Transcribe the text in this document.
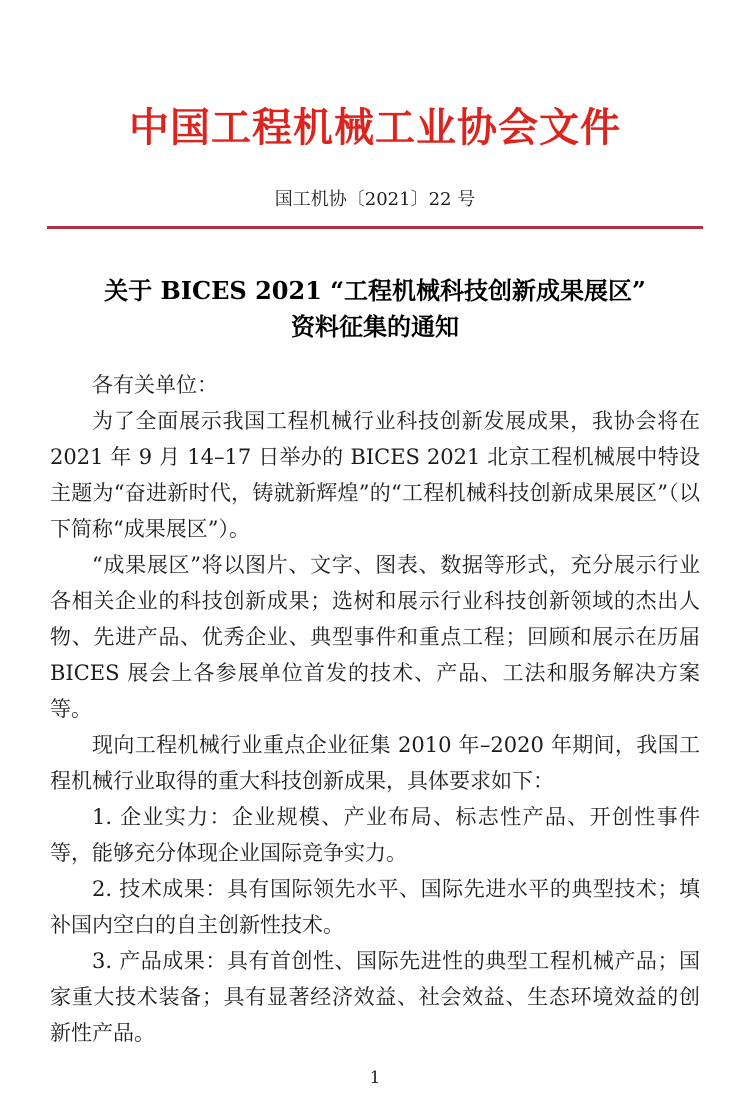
中国工程机械工业协会文件
国工机协〔2021〕22 号
关于 BICES 2021 “工程机械科技创新成果展区”
资料征集的通知

各有关单位：

为了全面展示我国工程机械行业科技创新发展成果，我协会将在 2021 年 9 月 14–17 日举办的 BICES 2021 北京工程机械展中特设主题为“奋进新时代，铸就新辉煌”的“工程机械科技创新成果展区”（以下简称“成果展区”）。

“成果展区”将以图片、文字、图表、数据等形式，充分展示行业各相关企业的科技创新成果；选树和展示行业科技创新领域的杰出人物、先进产品、优秀企业、典型事件和重点工程；回顾和展示在历届 BICES 展会上各参展单位首发的技术、产品、工法和服务解决方案等。

现向工程机械行业重点企业征集 2010 年–2020 年期间，我国工程机械行业取得的重大科技创新成果，具体要求如下：

1. 企业实力：企业规模、产业布局、标志性产品、开创性事件等，能够充分体现企业国际竞争实力。

2. 技术成果：具有国际领先水平、国际先进水平的典型技术；填补国内空白的自主创新性技术。

3. 产品成果：具有首创性、国际先进性的典型工程机械产品；国家重大技术装备；具有显著经济效益、社会效益、生态环境效益的创新性产品。

1
